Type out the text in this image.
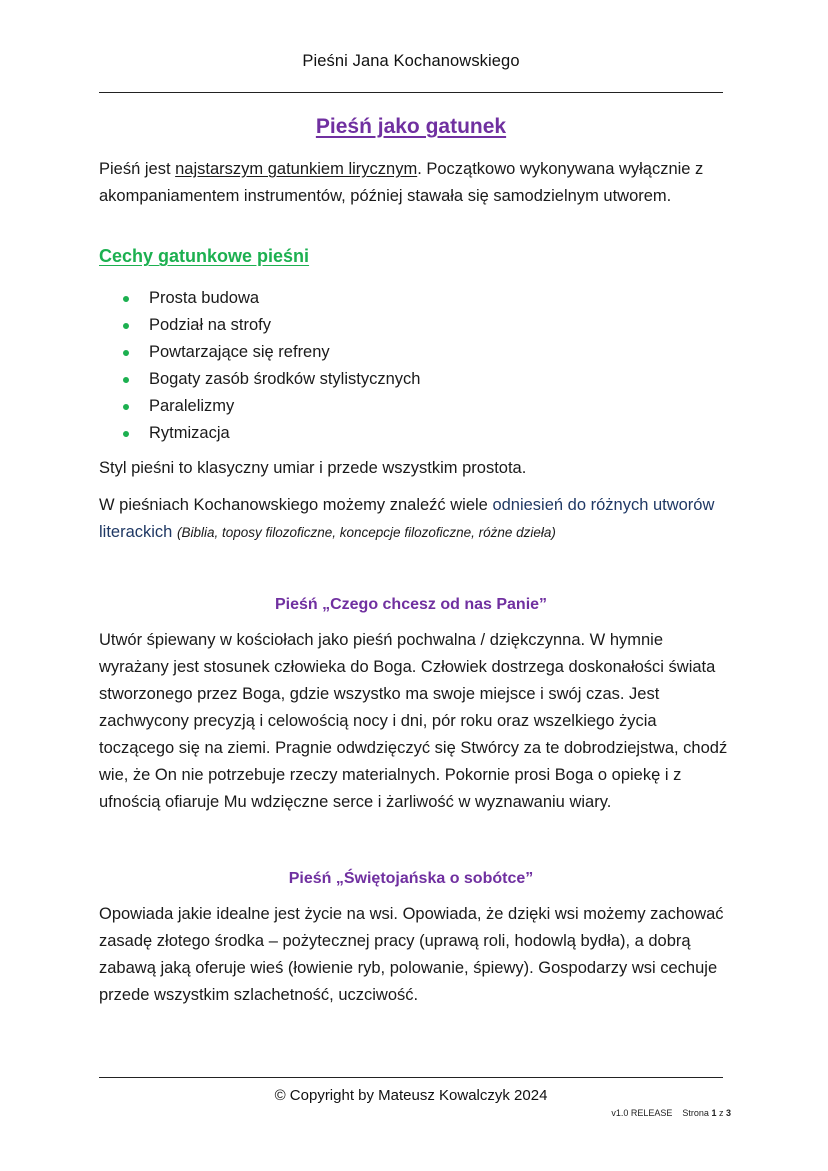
Pieśni Jana Kochanowskiego
Pieśń jako gatunek

Pieśń jest najstarszym gatunkiem lirycznym. Początkowo wykonywana wyłącznie z akompaniamentem instrumentów, później stawała się samodzielnym utworem.

Cechy gatunkowe pieśni
Prosta budowa
Podział na strofy
Powtarzające się refreny
Bogaty zasób środków stylistycznych
Paralelizmy
Rytmizacja

Styl pieśni to klasyczny umiar i przede wszystkim prostota.

W pieśniach Kochanowskiego możemy znaleźć wiele odniesień do różnych utworów literackich (Biblia, toposy filozoficzne, koncepcje filozoficzne, różne dzieła)

Pieśń „Czego chcesz od nas Panie”

Utwór śpiewany w kościołach jako pieśń pochwalna / dziękczynna. W hymnie wyrażany jest stosunek człowieka do Boga. Człowiek dostrzega doskonałości świata stworzonego przez Boga, gdzie wszystko ma swoje miejsce i swój czas. Jest zachwycony precyzją i celowością nocy i dni, pór roku oraz wszelkiego życia toczącego się na ziemi. Pragnie odwdzięczyć się Stwórcy za te dobrodziejstwa, chodź wie, że On nie potrzebuje rzeczy materialnych. Pokornie prosi Boga o opiekę i z ufnością ofiaruje Mu wdzięczne serce i żarliwość w wyznawaniu wiary.

Pieśń „Świętojańska o sobótce”

Opowiada jakie idealne jest życie na wsi. Opowiada, że dzięki wsi możemy zachować zasadę złotego środka – pożytecznej pracy (uprawą roli, hodowlą bydła), a dobrą zabawą jaką oferuje wieś (łowienie ryb, polowanie, śpiewy). Gospodarzy wsi cechuje przede wszystkim szlachetność, uczciwość.

© Copyright by Mateusz Kowalczyk 2024
v1.0 RELEASE Strona 1 z 3
